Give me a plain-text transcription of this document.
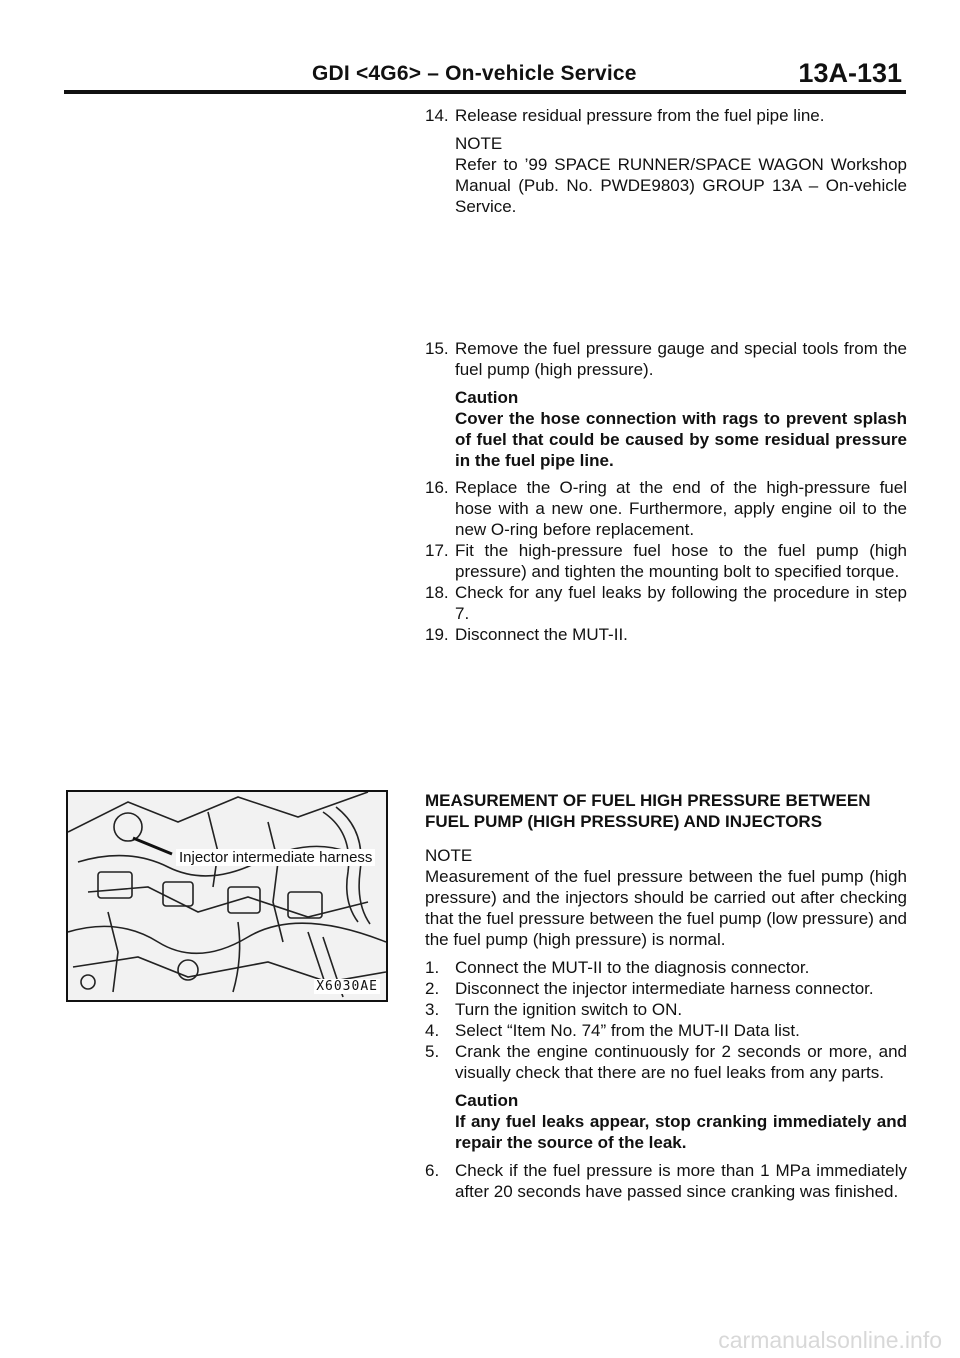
GDI <4G6> – On-vehicle Service	13A-131
14. Release residual pressure from the fuel pipe line.
NOTE
Refer to ’99 SPACE RUNNER/SPACE WAGON Workshop Manual (Pub. No. PWDE9803) GROUP 13A – On-vehicle Service.
15. Remove the fuel pressure gauge and special tools from the fuel pump (high pressure).
Caution
Cover the hose connection with rags to prevent splash of fuel that could be caused by some residual pressure in the fuel pipe line.
16. Replace the O-ring at the end of the high-pressure fuel hose with a new one. Furthermore, apply engine oil to the new O-ring before replacement.
17. Fit the high-pressure fuel hose to the fuel pump (high pressure) and tighten the mounting bolt to specified torque.
18. Check for any fuel leaks by following the procedure in step 7.
19. Disconnect the MUT-II.
Injector intermediate harness
X6030AE
MEASUREMENT OF FUEL HIGH PRESSURE BETWEEN FUEL PUMP (HIGH PRESSURE) AND INJECTORS
NOTE
Measurement of the fuel pressure between the fuel pump (high pressure) and the injectors should be carried out after checking that the fuel pressure between the fuel pump (low pressure) and the fuel pump (high pressure) is normal.
1. Connect the MUT-II to the diagnosis connector.
2. Disconnect the injector intermediate harness connector.
3. Turn the ignition switch to ON.
4. Select “Item No. 74” from the MUT-II Data list.
5. Crank the engine continuously for 2 seconds or more, and visually check that there are no fuel leaks from any parts.
Caution
If any fuel leaks appear, stop cranking immediately and repair the source of the leak.
6. Check if the fuel pressure is more than 1 MPa immediately after 20 seconds have passed since cranking was finished.
carmanualsonline.info
